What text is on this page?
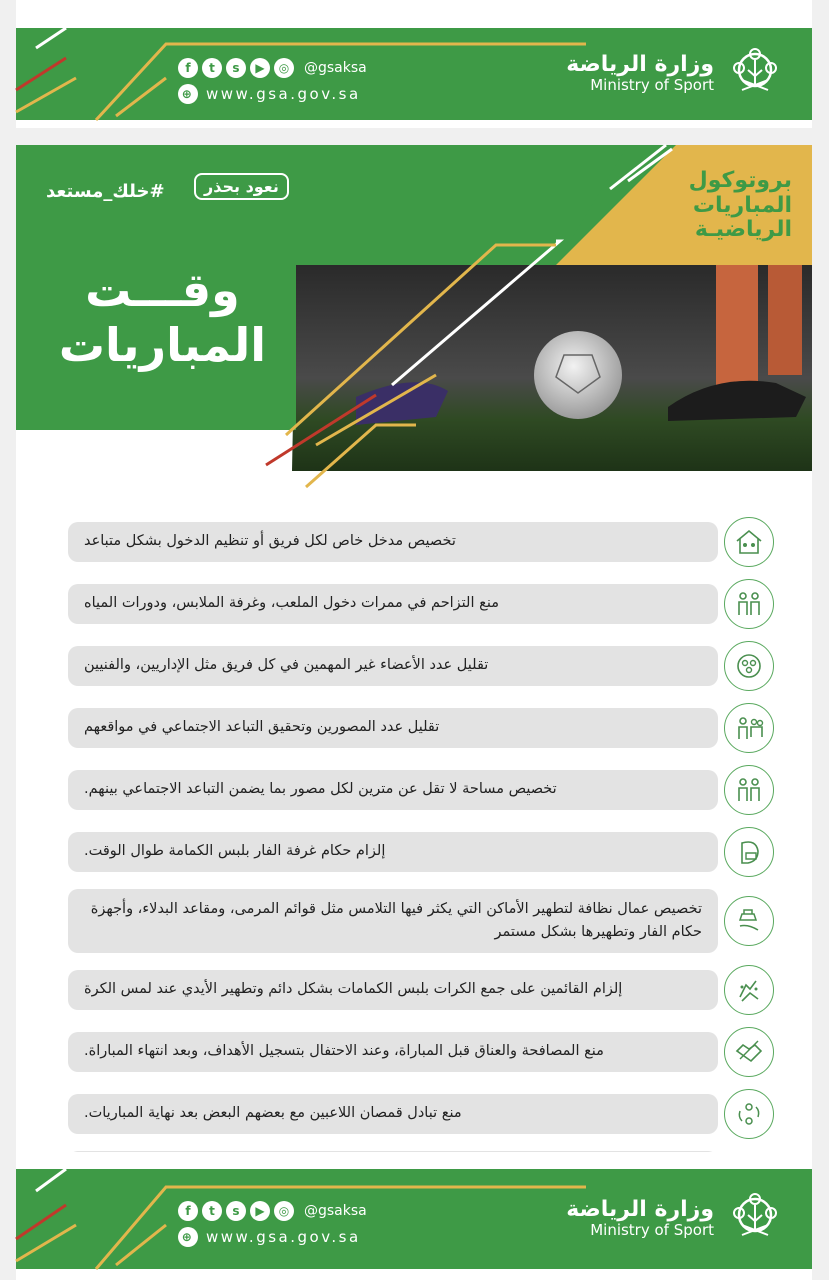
وزارة الرياضة
Ministry of Sport
f	t	s	▶	◎	@gsaksa
⊕ www.gsa.gov.sa
#خلك_مستعد	نعود بحذر	بروتوكول
المباريات
الرياضيـة
وقـــت
المباريات
تخصيص مدخل خاص لكل فريق أو تنظيم الدخول بشكل متباعد
منع التزاحم في ممرات دخول الملعب، وغرفة الملابس، ودورات المياه
تقليل عدد الأعضاء غير المهمين في كل فريق مثل الإداريين، والفنيين
تقليل عدد المصورين وتحقيق التباعد الاجتماعي في مواقعهم
تخصيص مساحة لا تقل عن مترين لكل مصور بما يضمن التباعد الاجتماعي بينهم.
إلزام حكام غرفة الفار بلبس الكمامة طوال الوقت.
تخصيص عمال نظافة لتطهير الأماكن التي يكثر فيها التلامس مثل قوائم المرمى، ومقاعد البدلاء، وأجهزة حكام الفار وتطهيرها بشكل مستمر
إلزام القائمين على جمع الكرات بلبس الكمامات بشكل دائم وتطهير الأيدي عند لمس الكرة
منع المصافحة والعناق قبل المباراة، وعند الاحتفال بتسجيل الأهداف، وبعد انتهاء المباراة.
منع تبادل قمصان اللاعبين مع بعضهم البعض بعد نهاية المباريات.
وزارة الرياضة
Ministry of Sport
f	t	s	▶	◎	@gsaksa
⊕ www.gsa.gov.sa
